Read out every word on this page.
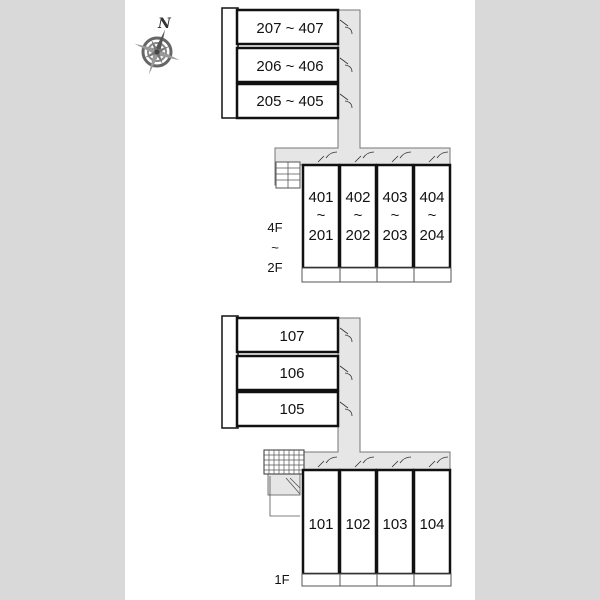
N	207 ~ 407
206 ~ 406
205 ~ 405
401
~
201
402
~
202
403
~
203
404
~
204
4F
~
2F
107
106
105
101 102 103 104
1F
